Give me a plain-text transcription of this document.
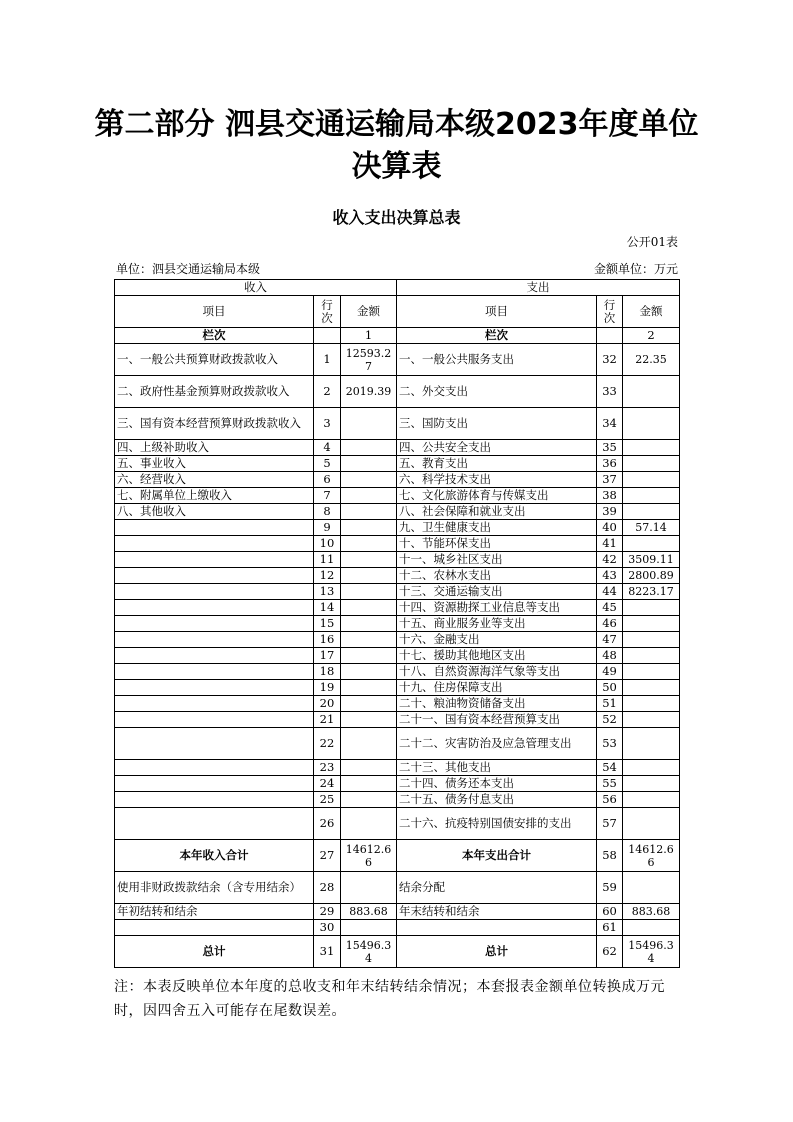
第二部分 泗县交通运输局本级2023年度单位
决算表
收入支出决算总表
公开01表
单位：泗县交通运输局本级	金额单位：万元
收入			支出		
项目	行次	金额	项目	行次	金额
栏次		1	栏次		2
一、一般公共预算财政拨款收入	1	12593.27	一、一般公共服务支出	32	22.35
二、政府性基金预算财政拨款收入	2	2019.39	二、外交支出	33	
三、国有资本经营预算财政拨款收入	3		三、国防支出	34	
四、上级补助收入	4		四、公共安全支出	35	
五、事业收入	5		五、教育支出	36	
六、经营收入	6		六、科学技术支出	37	
七、附属单位上缴收入	7		七、文化旅游体育与传媒支出	38	
八、其他收入	8		八、社会保障和就业支出	39	
	9		九、卫生健康支出	40	57.14
	10		十、节能环保支出	41	
	11		十一、城乡社区支出	42	3509.11
	12		十二、农林水支出	43	2800.89
	13		十三、交通运输支出	44	8223.17
	14		十四、资源勘探工业信息等支出	45	
	15		十五、商业服务业等支出	46	
	16		十六、金融支出	47	
	17		十七、援助其他地区支出	48	
	18		十八、自然资源海洋气象等支出	49	
	19		十九、住房保障支出	50	
	20		二十、粮油物资储备支出	51	
	21		二十一、国有资本经营预算支出	52	
	22		二十二、灾害防治及应急管理支出	53	
	23		二十三、其他支出	54	
	24		二十四、债务还本支出	55	
	25		二十五、债务付息支出	56	
	26		二十六、抗疫特别国债安排的支出	57	
本年收入合计	27	14612.66	本年支出合计	58	14612.66
使用非财政拨款结余（含专用结余）	28		结余分配	59	
年初结转和结余	29	883.68	年末结转和结余	60	883.68
	30			61	
总计	31	15496.34	总计	62	15496.34
注：本表反映单位本年度的总收支和年末结转结余情况；本套报表金额单位转换成万元时，因四舍五入可能存在尾数误差。
